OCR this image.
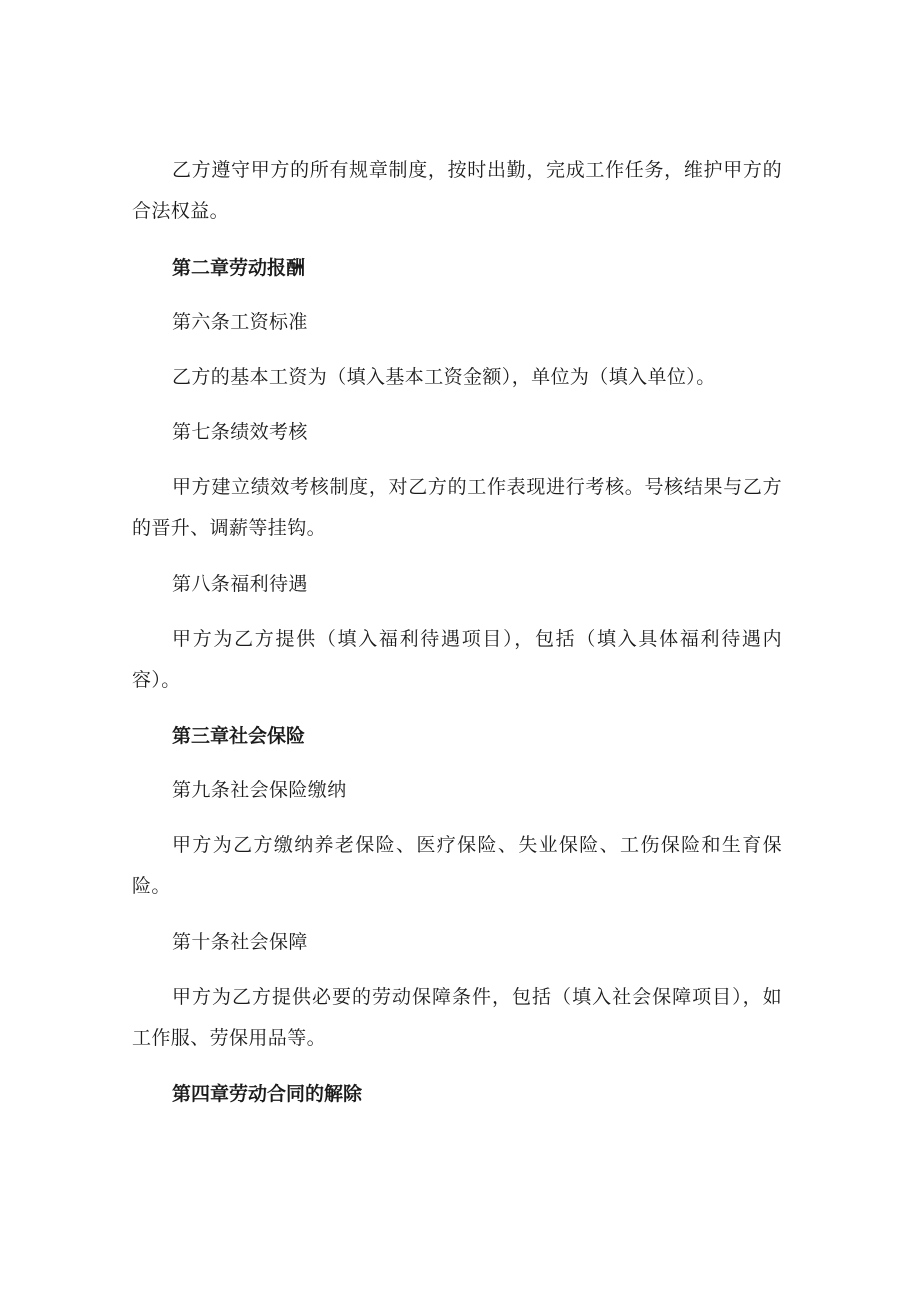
乙方遵守甲方的所有规章制度，按时出勤，完成工作任务，维护甲方的合法权益。

第二章劳动报酬

第六条工资标准

乙方的基本工资为（填入基本工资金额），单位为（填入单位）。

第七条绩效考核

甲方建立绩效考核制度，对乙方的工作表现进行考核。号核结果与乙方的晋升、调薪等挂钩。

第八条福利待遇

甲方为乙方提供（填入福利待遇项目），包括（填入具体福利待遇内容）。

第三章社会保险

第九条社会保险缴纳

甲方为乙方缴纳养老保险、医疗保险、失业保险、工伤保险和生育保险。

第十条社会保障

甲方为乙方提供必要的劳动保障条件，包括（填入社会保障项目），如工作服、劳保用品等。

第四章劳动合同的解除
